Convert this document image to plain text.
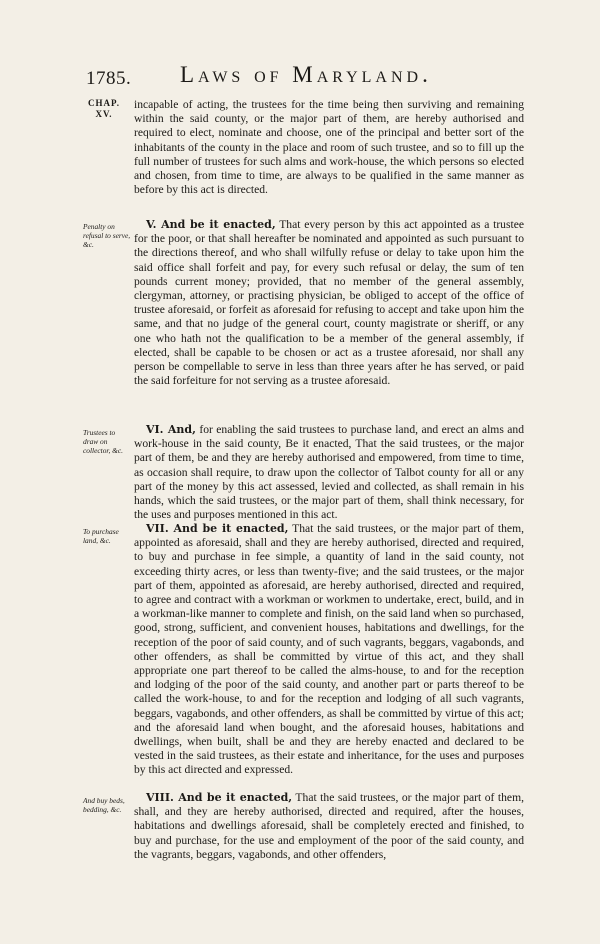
1785. Laws of Maryland.
CHAP.
XV.
Penalty on refusal to serve, &c.
Trustees to draw on collector, &c.
To purchase land, &c.
And buy beds, bedding, &c.
incapable of acting, the trustees for the time being then surviving and remaining within the said county, or the major part of them, are hereby authorised and required to elect, nominate and choose, one of the principal and better sort of the inhabitants of the county in the place and room of such trustee, and so to fill up the full number of trustees for such alms and work-house, the which persons so elected and chosen, from time to time, are always to be qualified in the same manner as before by this act is directed.
V. And be it enacted, That every person by this act appointed as a trustee for the poor, or that shall hereafter be nominated and appointed as such pursuant to the directions thereof, and who shall wilfully refuse or delay to take upon him the said office shall forfeit and pay, for every such refusal or delay, the sum of ten pounds current money; provided, that no member of the general assembly, clergyman, attorney, or practising physician, be obliged to accept of the office of trustee aforesaid, or forfeit as aforesaid for refusing to accept and take upon him the same, and that no judge of the general court, county magistrate or sheriff, or any one who hath not the qualification to be a member of the general assembly, if elected, shall be capable to be chosen or act as a trustee aforesaid, nor shall any person be compellable to serve in less than three years after he has served, or paid the said forfeiture for not serving as a trustee aforesaid.
VI. And, for enabling the said trustees to purchase land, and erect an alms and work-house in the said county, Be it enacted, That the said trustees, or the major part of them, be and they are hereby authorised and empowered, from time to time, as occasion shall require, to draw upon the collector of Talbot county for all or any part of the money by this act assessed, levied and collected, as shall remain in his hands, which the said trustees, or the major part of them, shall think necessary, for the uses and purposes mentioned in this act.
VII. And be it enacted, That the said trustees, or the major part of them, appointed as aforesaid, shall and they are hereby authorised, directed and required, to buy and purchase in fee simple, a quantity of land in the said county, not exceeding thirty acres, or less than twenty-five; and the said trustees, or the major part of them, appointed as aforesaid, are hereby authorised, directed and required, to agree and contract with a workman or workmen to undertake, erect, build, and in a workman-like manner to complete and finish, on the said land when so purchased, good, strong, sufficient, and convenient houses, habitations and dwellings, for the reception of the poor of said county, and of such vagrants, beggars, vagabonds, and other offenders, as shall be committed by virtue of this act, and they shall appropriate one part thereof to be called the alms-house, to and for the reception and lodging of the poor of the said county, and another part or parts thereof to be called the work-house, to and for the reception and lodging of all such vagrants, beggars, vagabonds, and other offenders, as shall be committed by virtue of this act; and the aforesaid land when bought, and the aforesaid houses, habitations and dwellings, when built, shall be and they are hereby enacted and declared to be vested in the said trustees, as their estate and inheritance, for the uses and purposes by this act directed and expressed.
VIII. And be it enacted, That the said trustees, or the major part of them, shall, and they are hereby authorised, directed and required, after the houses, habitations and dwellings aforesaid, shall be completely erected and finished, to buy and purchase, for the use and employment of the poor of the said county, and the vagrants, beggars, vagabonds, and other offenders,
